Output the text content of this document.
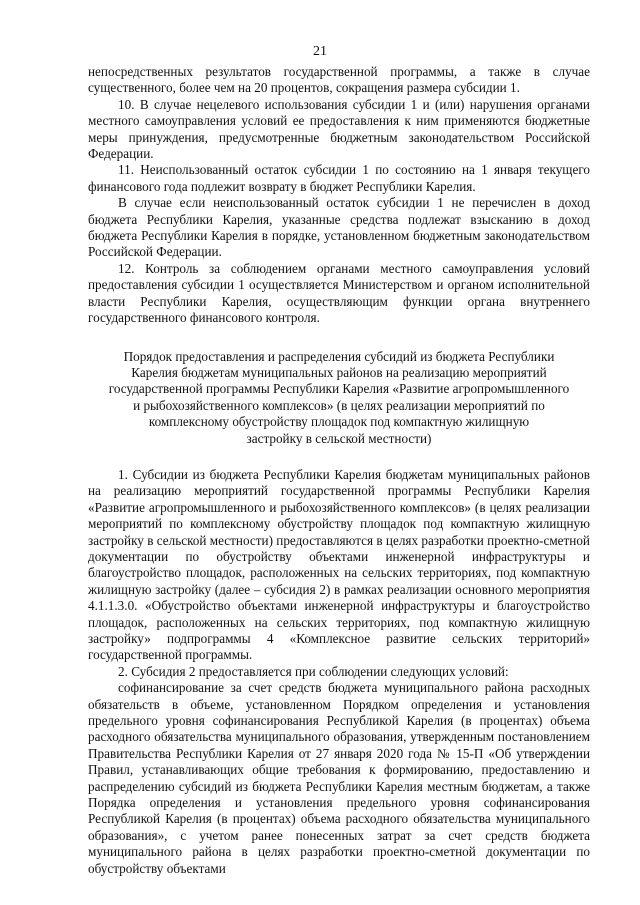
21

непосредственных результатов государственной программы, а также в случае существенного, более чем на 20 процентов, сокращения размера субсидии 1.

10. В случае нецелевого использования субсидии 1 и (или) нарушения органами местного самоуправления условий ее предоставления к ним применяются бюджетные меры принуждения, предусмотренные бюджетным законодательством Российской Федерации.

11. Неиспользованный остаток субсидии 1 по состоянию на 1 января текущего финансового года подлежит возврату в бюджет Республики Карелия.

В случае если неиспользованный остаток субсидии 1 не перечислен в доход бюджета Республики Карелия, указанные средства подлежат взысканию в доход бюджета Республики Карелия в порядке, установленном бюджетным законодательством Российской Федерации.

12. Контроль за соблюдением органами местного самоуправления условий предоставления субсидии 1 осуществляется Министерством и органом исполнительной власти Республики Карелия, осуществляющим функции органа внутреннего государственного финансового контроля.

Порядок предоставления и распределения субсидий из бюджета Республики
Карелия бюджетам муниципальных районов на реализацию мероприятий
государственной программы Республики Карелия «Развитие агропромышленного
и рыбохозяйственного комплексов» (в целях реализации мероприятий по
комплексному обустройству площадок под компактную жилищную
застройку в сельской местности)

1. Субсидии из бюджета Республики Карелия бюджетам муниципальных районов на реализацию мероприятий государственной программы Республики Карелия «Развитие агропромышленного и рыбохозяйственного комплексов» (в целях реализации мероприятий по комплексному обустройству площадок под компактную жилищную застройку в сельской местности) предоставляются в целях разработки проектно-сметной документации по обустройству объектами инженерной инфраструктуры и благоустройство площадок, расположенных на сельских территориях, под компактную жилищную застройку (далее – субсидия 2) в рамках реализации основного мероприятия 4.1.1.3.0. «Обустройство объектами инженерной инфраструктуры и благоустройство площадок, расположенных на сельских территориях, под компактную жилищную застройку» подпрограммы 4 «Комплексное развитие сельских территорий» государственной программы.

2. Субсидия 2 предоставляется при соблюдении следующих условий:

софинансирование за счет средств бюджета муниципального района расходных обязательств в объеме, установленном Порядком определения и установления предельного уровня софинансирования Республикой Карелия (в процентах) объема расходного обязательства муниципального образования, утвержденным постановлением Правительства Республики Карелия от 27 января 2020 года № 15-П «Об утверждении Правил, устанавливающих общие требования к формированию, предоставлению и распределению субсидий из бюджета Республики Карелия местным бюджетам, а также Порядка определения и установления предельного уровня софинансирования Республикой Карелия (в процентах) объема расходного обязательства муниципального образования», с учетом ранее понесенных затрат за счет средств бюджета муниципального района в целях разработки проектно-сметной документации по обустройству объектами
